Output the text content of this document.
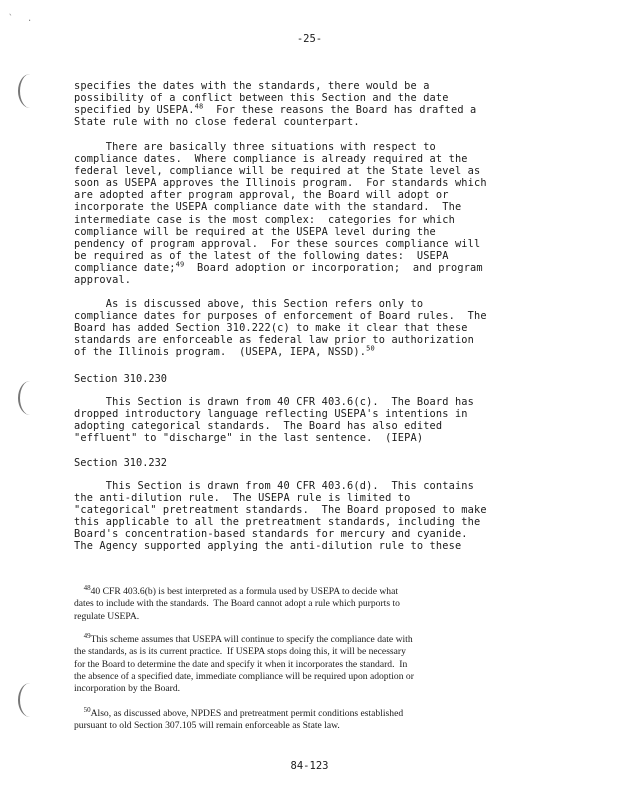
` .
-25-
specifies the dates with the standards, there would be a
possibility of a conflict between this Section and the date
specified by USEPA.$^{48}$  For these reasons the Board has drafted a
State rule with no close federal counterpart.
There are basically three situations with respect to
compliance dates.  Where compliance is already required at the
federal level, compliance will be required at the State level as
soon as USEPA approves the Illinois program.  For standards which
are adopted after program approval, the Board will adopt or
incorporate the USEPA compliance date with the standard.  The
intermediate case is the most complex:  categories for which
compliance will be required at the USEPA level during the
pendency of program approval.  For these sources compliance will
be required as of the latest of the following dates:  USEPA
compliance date;$^{49}$  Board adoption or incorporation;  and program
approval.
As is discussed above, this Section refers only to
compliance dates for purposes of enforcement of Board rules.  The
Board has added Section 310.222(c) to make it clear that these
standards are enforceable as federal law prior to authorization
of the Illinois program.  (USEPA, IEPA, NSSD).$^{50}$
Section 310.230
This Section is drawn from 40 CFR 403.6(c).  The Board has
dropped introductory language reflecting USEPA's intentions in
adopting categorical standards.  The Board has also edited
"effluent" to "discharge" in the last sentence.  (IEPA)
Section 310.232
This Section is drawn from 40 CFR 403.6(d).  This contains
the anti-dilution rule.  The USEPA rule is limited to
"categorical" pretreatment standards.  The Board proposed to make
this applicable to all the pretreatment standards, including the
Board's concentration-based standards for mercury and cyanide.
The Agency supported applying the anti-dilution rule to these
$^{48}$40 CFR 403.6(b) is best interpreted as a formula used by USEPA to decide what
dates to include with the standards.  The Board cannot adopt a rule which purports to
regulate USEPA.
$^{49}$This scheme assumes that USEPA will continue to specify the compliance date with
the standards, as is its current practice.  If USEPA stops doing this, it will be necessary
for the Board to determine the date and specify it when it incorporates the standard.  In
the absence of a specified date, immediate compliance will be required upon adoption or
incorporation by the Board.
$^{50}$Also, as discussed above, NPDES and pretreatment permit conditions established
pursuant to old Section 307.105 will remain enforceable as State law.
84-123
